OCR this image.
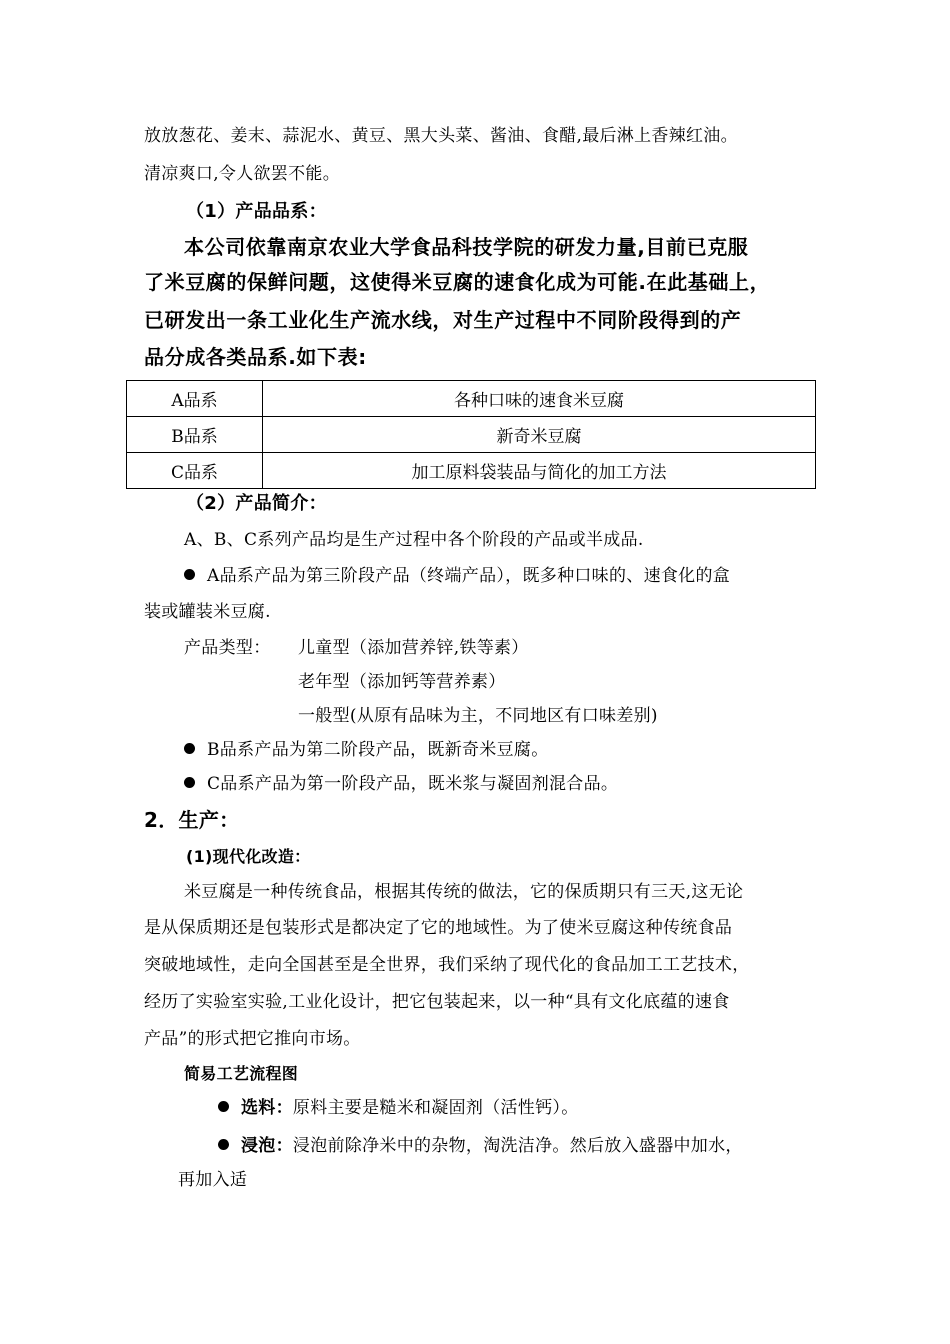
放放葱花、姜末、蒜泥水、黄豆、黑大头菜、酱油、食醋,最后淋上香辣红油。
清凉爽口,令人欲罢不能。
（1）产品品系：
本公司依靠南京农业大学食品科技学院的研发力量,目前已克服
了米豆腐的保鲜问题，这使得米豆腐的速食化成为可能.在此基础上，
已研发出一条工业化生产流水线，对生产过程中不同阶段得到的产
品分成各类品系.如下表:
A品系	各种口味的速食米豆腐
B品系	新奇米豆腐
C品系	加工原料袋装品与简化的加工方法
（2）产品简介：
A、B、C系列产品均是生产过程中各个阶段的产品或半成品.
A品系产品为第三阶段产品（终端产品），既多种口味的、速食化的盒
装或罐装米豆腐.
产品类型： 儿童型（添加营养锌,铁等素）
老年型（添加钙等营养素）
一般型(从原有品味为主，不同地区有口味差别)
B品系产品为第二阶段产品，既新奇米豆腐。
C品系产品为第一阶段产品，既米浆与凝固剂混合品。
2．生产：
(1)现代化改造：
米豆腐是一种传统食品，根据其传统的做法，它的保质期只有三天,这无论
是从保质期还是包装形式是都决定了它的地域性。为了使米豆腐这种传统食品
突破地域性，走向全国甚至是全世界，我们采纳了现代化的食品加工工艺技术，
经历了实验室实验,工业化设计，把它包装起来，以一种“具有文化底蕴的速食
产品”的形式把它推向市场。
简易工艺流程图
选料：原料主要是糙米和凝固剂（活性钙）。
浸泡：浸泡前除净米中的杂物，淘洗洁净。然后放入盛器中加水，
再加入适
